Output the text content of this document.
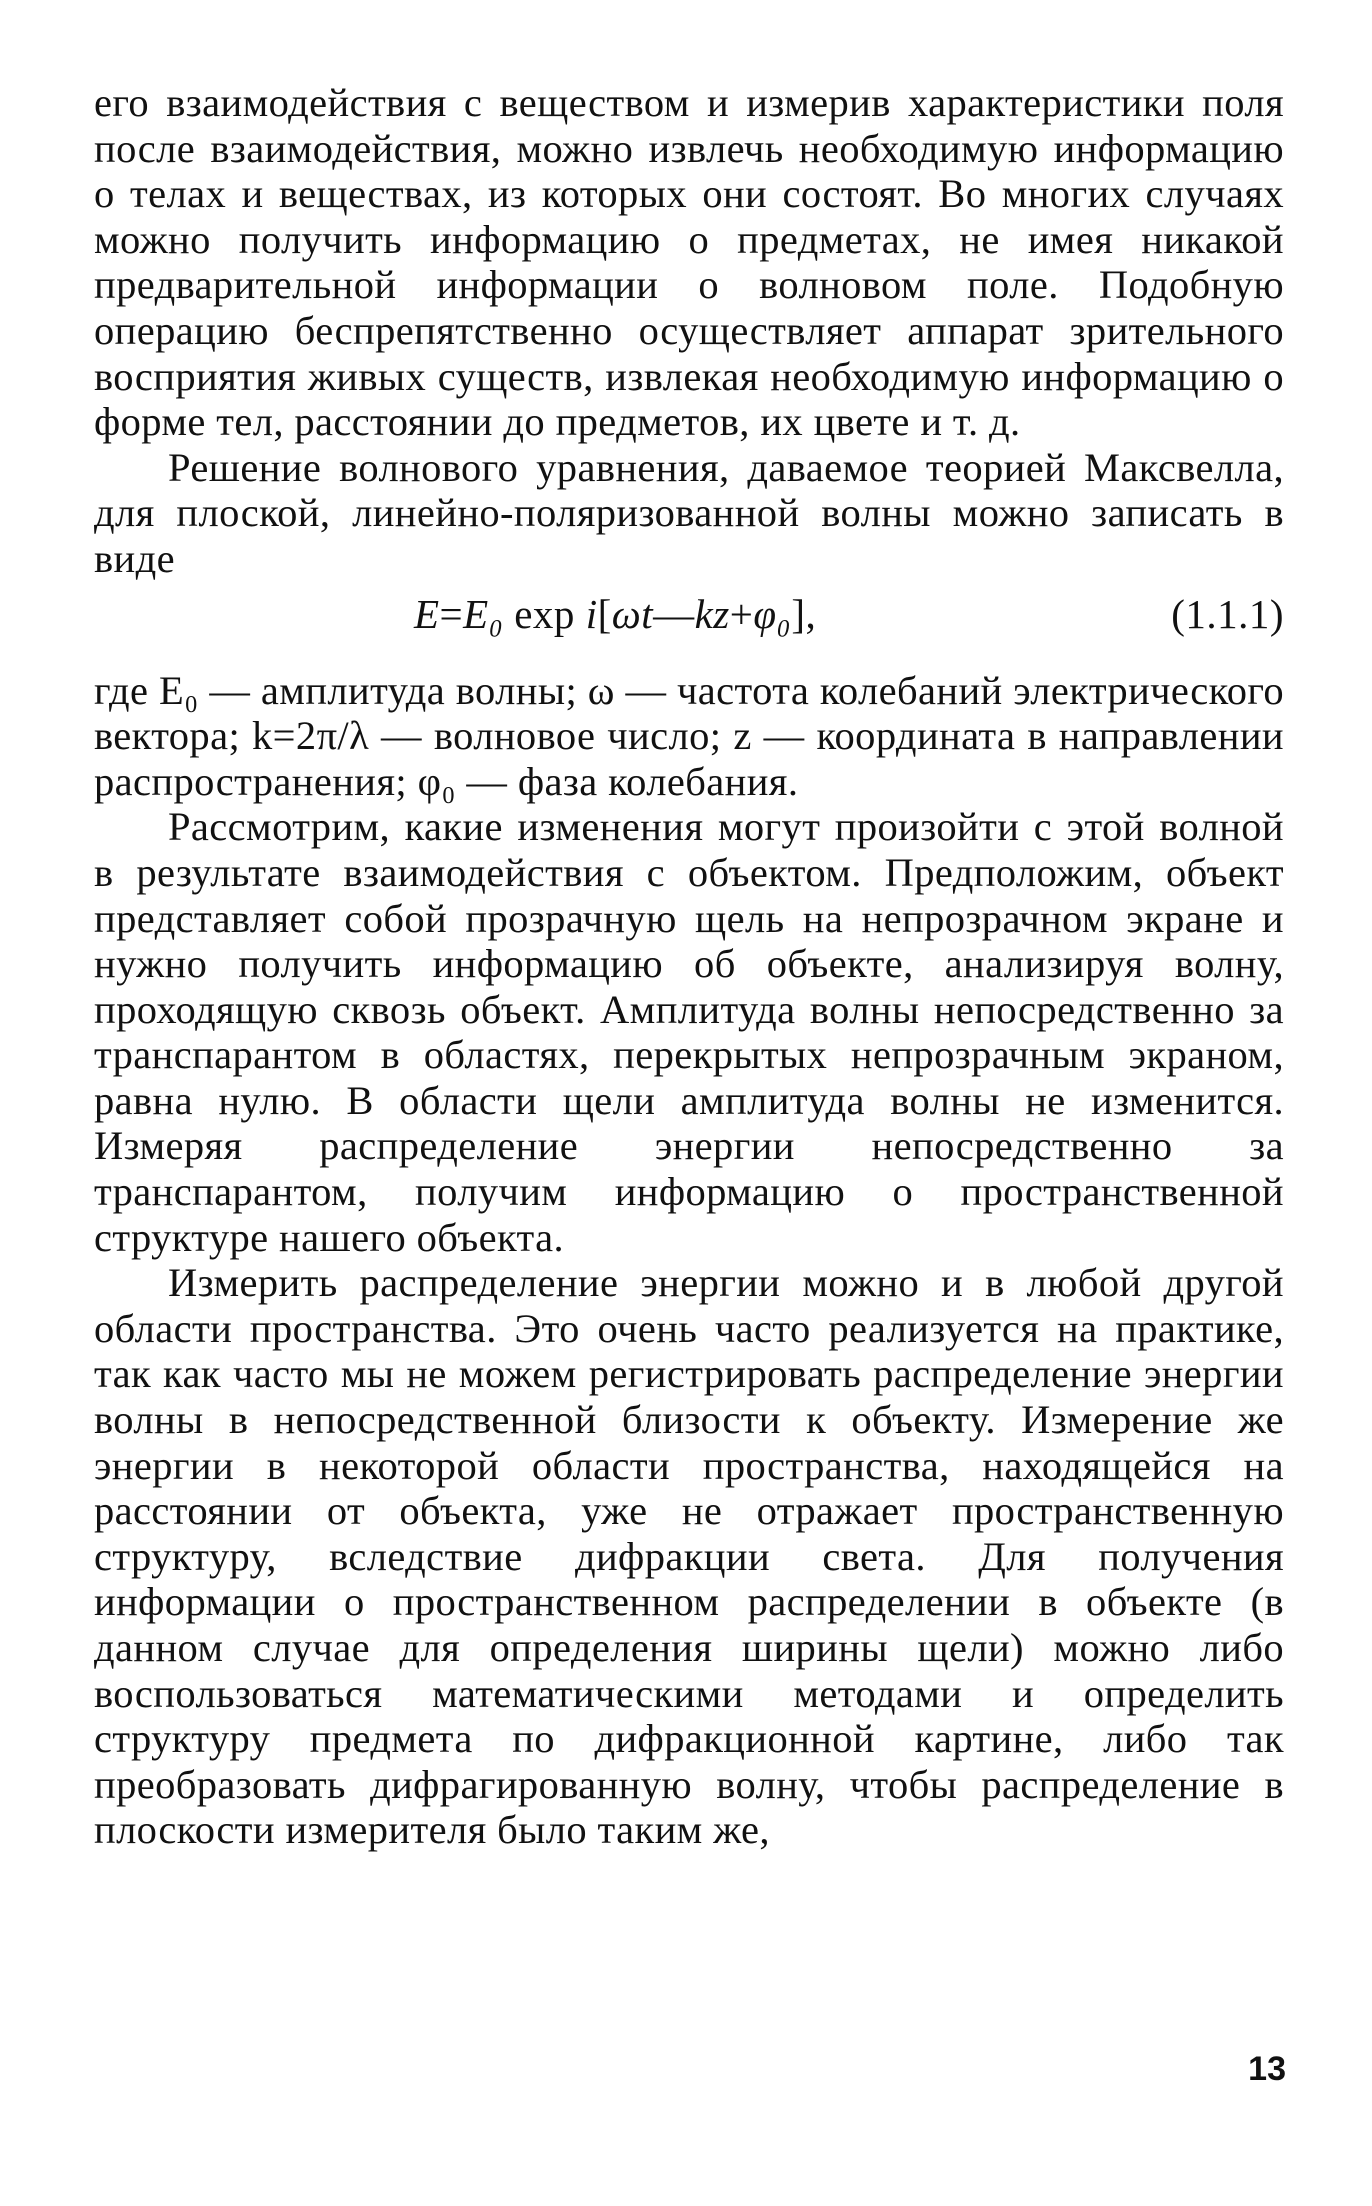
его взаимодействия с веществом и измерив характеристики поля после взаимодействия, можно извлечь необходимую информацию о телах и веществах, из которых они состоят. Во многих случаях можно получить информацию о предметах, не имея никакой предварительной информации о волновом поле. Подобную операцию беспрепятственно осуществляет аппарат зрительного восприятия живых существ, извлекая необходимую информацию о форме тел, расстоянии до предметов, их цвете и т. д.

Решение волнового уравнения, даваемое теорией Максвелла, для плоской, линейно-поляризованной волны можно записать в виде

E=E₀ exp i[ωt—kz+φ₀],	(1.1.1)

где E₀ — амплитуда волны; ω — частота колебаний электрического вектора; k=2π/λ — волновое число; z — координата в направлении распространения; φ₀ — фаза колебания.

Рассмотрим, какие изменения могут произойти с этой волной в результате взаимодействия с объектом. Предположим, объект представляет собой прозрачную щель на непрозрачном экране и нужно получить информацию об объекте, анализируя волну, проходящую сквозь объект. Амплитуда волны непосредственно за транспарантом в областях, перекрытых непрозрачным экраном, равна нулю. В области щели амплитуда волны не изменится. Измеряя распределение энергии непосредственно за транспарантом, получим информацию о пространственной структуре нашего объекта.

Измерить распределение энергии можно и в любой другой области пространства. Это очень часто реализуется на практике, так как часто мы не можем регистрировать распределение энергии волны в непосредственной близости к объекту. Измерение же энергии в некоторой области пространства, находящейся на расстоянии от объекта, уже не отражает пространственную структуру, вследствие дифракции света. Для получения информации о пространственном распределении в объекте (в данном случае для определения ширины щели) можно либо воспользоваться математическими методами и определить структуру предмета по дифракционной картине, либо так преобразовать дифрагированную волну, чтобы распределение в плоскости измерителя было таким же,

13
